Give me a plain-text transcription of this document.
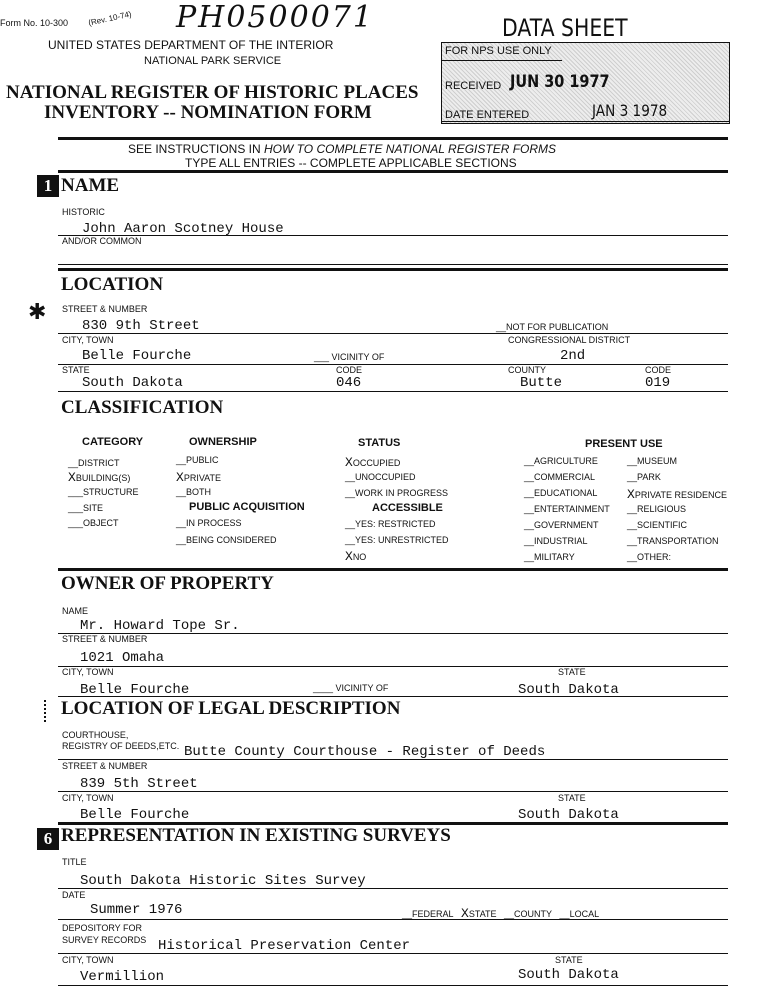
Form No. 10-300 (Rev. 10-74) PH0500071
UNITED STATES DEPARTMENT OF THE INTERIOR
NATIONAL PARK SERVICE
NATIONAL REGISTER OF HISTORIC PLACES
INVENTORY -- NOMINATION FORM
DATA SHEET
FOR NPS USE ONLY
RECEIVED JUN 30 1977
DATE ENTERED	JAN 3 1978
SEE INSTRUCTIONS IN HOW TO COMPLETE NATIONAL REGISTER FORMS
TYPE ALL ENTRIES -- COMPLETE APPLICABLE SECTIONS
1 NAME
HISTORIC
John Aaron Scotney House
AND/OR COMMON
LOCATION
✱ STREET & NUMBER
830 9th Street	__NOT FOR PUBLICATION
CITY, TOWN	CONGRESSIONAL DISTRICT
Belle Fourche	___ VICINITY OF	2nd
STATE	CODE	COUNTY	CODE
South Dakota	046	Butte	019
CLASSIFICATION
CATEGORY
__DISTRICT
XBUILDING(S)
___STRUCTURE
___SITE
___OBJECT
OWNERSHIP
__PUBLIC
XPRIVATE
__BOTH
PUBLIC ACQUISITION
__IN PROCESS
__BEING CONSIDERED
STATUS
XOCCUPIED
__UNOCCUPIED
__WORK IN PROGRESS
ACCESSIBLE
__YES: RESTRICTED
__YES: UNRESTRICTED
XNO
PRESENT USE
__AGRICULTURE
__COMMERCIAL
__EDUCATIONAL
__ENTERTAINMENT
__GOVERNMENT
__INDUSTRIAL
__MILITARY
__MUSEUM
__PARK
XPRIVATE RESIDENCE
__RELIGIOUS
__SCIENTIFIC
__TRANSPORTATION
__OTHER:
OWNER OF PROPERTY
NAME
Mr. Howard Tope Sr.
STREET & NUMBER
1021 Omaha
CITY, TOWN	STATE
Belle Fourche	____ VICINITY OF	South Dakota
LOCATION OF LEGAL DESCRIPTION
COURTHOUSE,
REGISTRY OF DEEDS,ETC. Butte County Courthouse - Register of Deeds
STREET & NUMBER
839 5th Street
CITY, TOWN	STATE
Belle Fourche	South Dakota
6 REPRESENTATION IN EXISTING SURVEYS
TITLE
South Dakota Historic Sites Survey
DATE
Summer 1976	__FEDERAL XSTATE   __COUNTY   __LOCAL
DEPOSITORY FOR
SURVEY RECORDS Historical Preservation Center
CITY, TOWN	STATE
Vermillion	South Dakota
